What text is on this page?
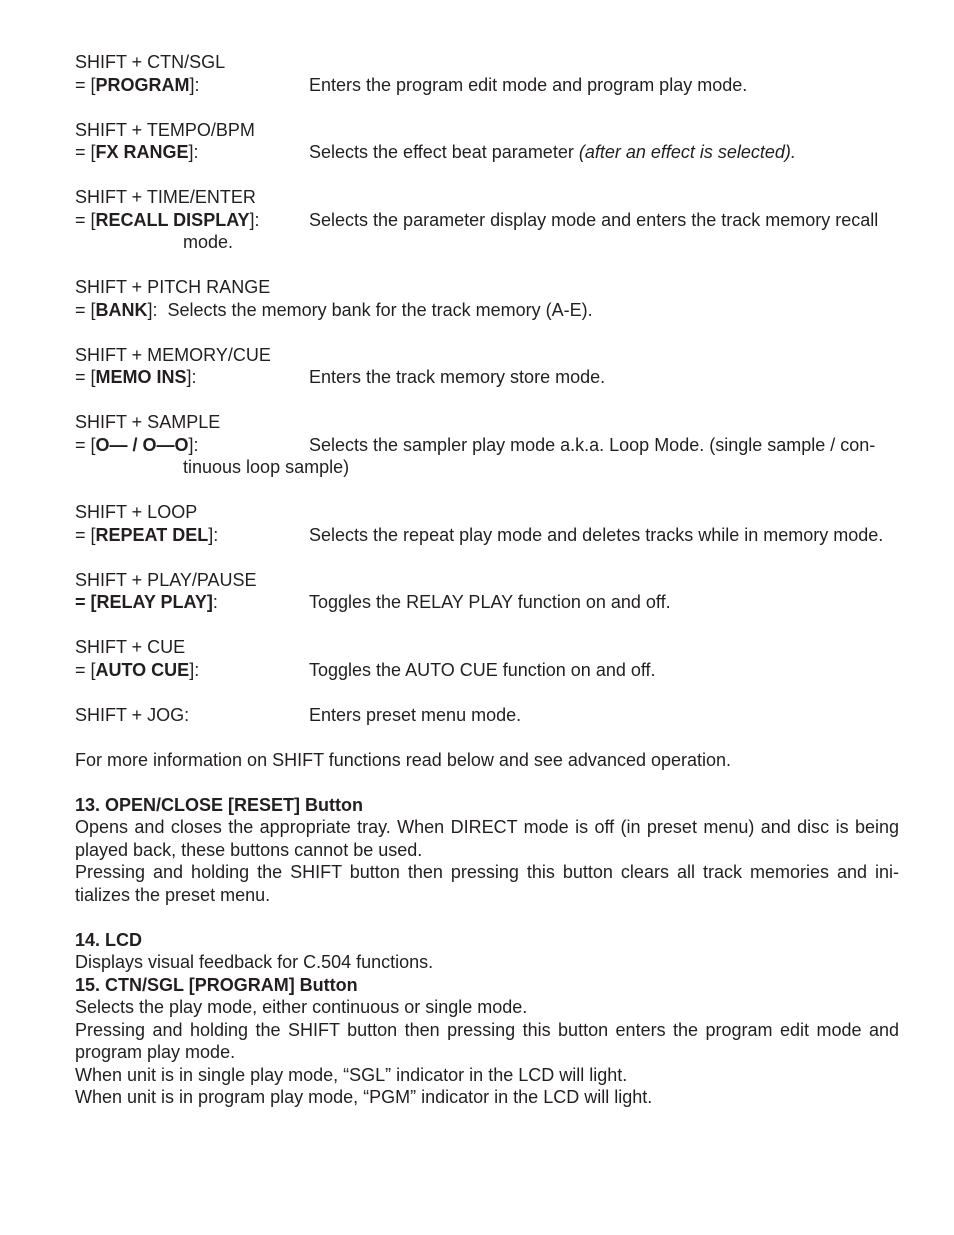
SHIFT + CTN/SGL
= [PROGRAM]:	Enters the program edit mode and program play mode.
SHIFT + TEMPO/BPM
= [FX RANGE]:	Selects the effect beat parameter (after an effect is selected).
SHIFT + TIME/ENTER
= [RECALL DISPLAY]:	Selects the parameter display mode and enters the track memory recall
mode.
SHIFT + PITCH RANGE
= [BANK]: Selects the memory bank for the track memory (A-E).
SHIFT + MEMORY/CUE
= [MEMO INS]:	Enters the track memory store mode.
SHIFT + SAMPLE
= [O— / O—O]:	Selects the sampler play mode a.k.a. Loop Mode. (single sample / con-
tinuous loop sample)
SHIFT + LOOP
= [REPEAT DEL]:	Selects the repeat play mode and deletes tracks while in memory mode.
SHIFT + PLAY/PAUSE
= [RELAY PLAY]:	Toggles the RELAY PLAY function on and off.
SHIFT + CUE
= [AUTO CUE]:	Toggles the AUTO CUE function on and off.
SHIFT + JOG:	Enters preset menu mode.
For more information on SHIFT functions read below and see advanced operation.
13. OPEN/CLOSE [RESET] Button
Opens and closes the appropriate tray. When DIRECT mode is off (in preset menu) and disc is being played back, these buttons cannot be used.
Pressing and holding the SHIFT button then pressing this button clears all track memories and ini-tializes the preset menu.
14. LCD
Displays visual feedback for C.504 functions.
15. CTN/SGL [PROGRAM] Button
Selects the play mode, either continuous or single mode.
Pressing and holding the SHIFT button then pressing this button enters the program edit mode and program play mode.
When unit is in single play mode, “SGL” indicator in the LCD will light.
When unit is in program play mode, “PGM” indicator in the LCD will light.
